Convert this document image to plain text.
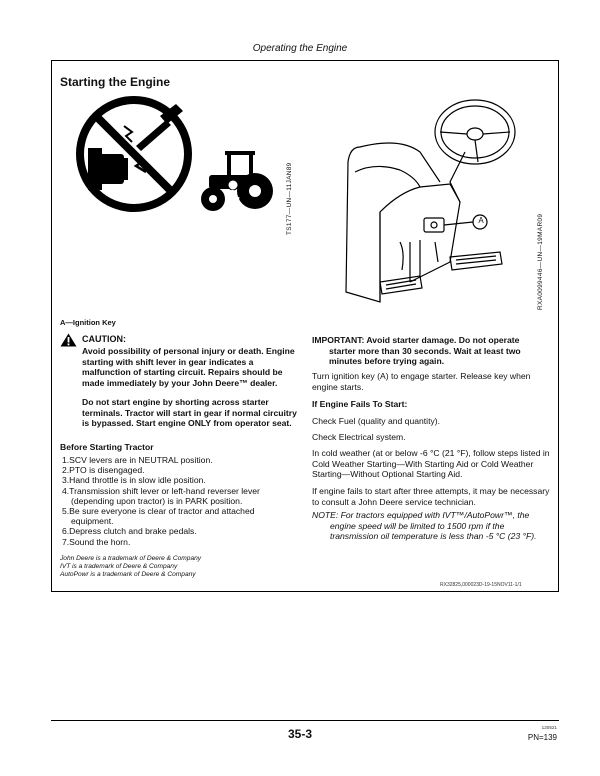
Operating the Engine
Starting the Engine
TS177—UN—11JAN89	A	RXA0099446—UN—19MAR09
A—Ignition Key
CAUTION:
Avoid possibility of personal injury or death. Engine starting with shift lever in gear indicates a malfunction of starting circuit. Repairs should be made immediately by your John Deere™ dealer.
Do not start engine by shorting across starter terminals. Tractor will start in gear if normal circuitry is bypassed. Start engine ONLY from operator seat.
Before Starting Tractor
1.SCV levers are in NEUTRAL position.
2.PTO is disengaged.
3.Hand throttle is in slow idle position.
4.Transmission shift lever or left-hand reverser lever
(depending upon tractor) is in PARK position.
5.Be sure everyone is clear of tractor and attached
equipment.
6.Depress clutch and brake pedals.
7.Sound the horn.
John Deere is a trademark of Deere & Company
IVT is a trademark of Deere & Company
AutoPowr is a trademark of Deere & Company
IMPORTANT: Avoid starter damage. Do not operate
starter more than 30 seconds. Wait at least two minutes before trying again.
Turn ignition key (A) to engage starter. Release key when engine starts.
If Engine Fails To Start:
Check Fuel (quality and quantity).
Check Electrical system.
In cold weather (at or below -6 °C (21 °F), follow steps listed in Cold Weather Starting—With Starting Aid or Cold Weather Starting—Without Optional Starting Aid.
If engine fails to start after three attempts, it may be necessary to consult a John Deere service technician.
NOTE: For tractors equipped with IVT™/AutoPowr™, the
engine speed will be limited to 1500 rpm if the transmission oil temperature is less than -5 °C (23 °F).
RX32825,000023D-19-15NOV11-1/1
35-3	120521
PN=139
